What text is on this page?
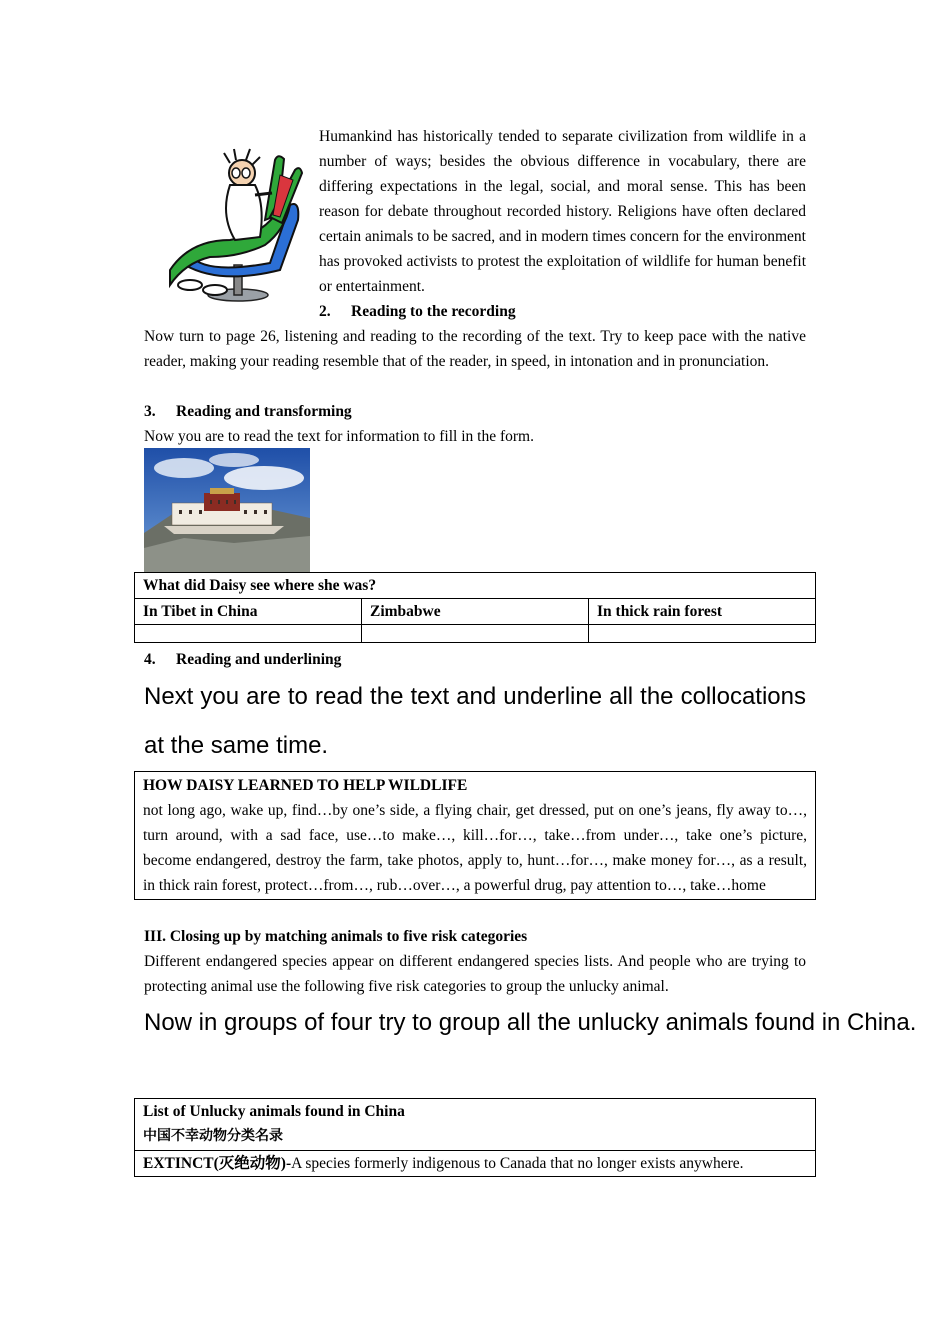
Humankind has historically tended to separate civilization from wildlife in a number of ways; besides the obvious difference in vocabulary, there are differing expectations in the legal, social, and moral sense. This has been reason for debate throughout recorded history. Religions have often declared certain animals to be sacred, and in modern times concern for the environment has provoked activists to protest the exploitation of wildlife for human benefit or entertainment.
2. Reading to the recording
Now turn to page 26, listening and reading to the recording of the text. Try to keep pace with the native reader, making your reading resemble that of the reader, in speed, in intonation and in pronunciation.
3. Reading and transforming
Now you are to read the text for information to fill in the form.
What did Daisy see where she was?		
In Tibet in China	Zimbabwe	In thick rain forest

4. Reading and underlining
Next you are to read the text and underline all the collocations at the same time.
HOW DAISY LEARNED TO HELP WILDLIFE
not long ago, wake up, find…by one’s side, a flying chair, get dressed, put on one’s jeans, fly away to…, turn around, with a sad face, use…to make…, kill…for…, take…from under…, take one’s picture, become endangered, destroy the farm, take photos, apply to, hunt…for…, make money for…, as a result, in thick rain forest, protect…from…, rub…over…, a powerful drug, pay attention to…, take…home
III. Closing up by matching animals to five risk categories
Different endangered species appear on different endangered species lists. And people who are trying to protecting animal use the following five risk categories to group the unlucky animal.
Now in groups of four try to group all the unlucky animals found in China.
List of Unlucky animals found in China
中国不幸动物分类名录

EXTINCT(灭绝动物)-A species formerly indigenous to Canada that no longer exists anywhere.
